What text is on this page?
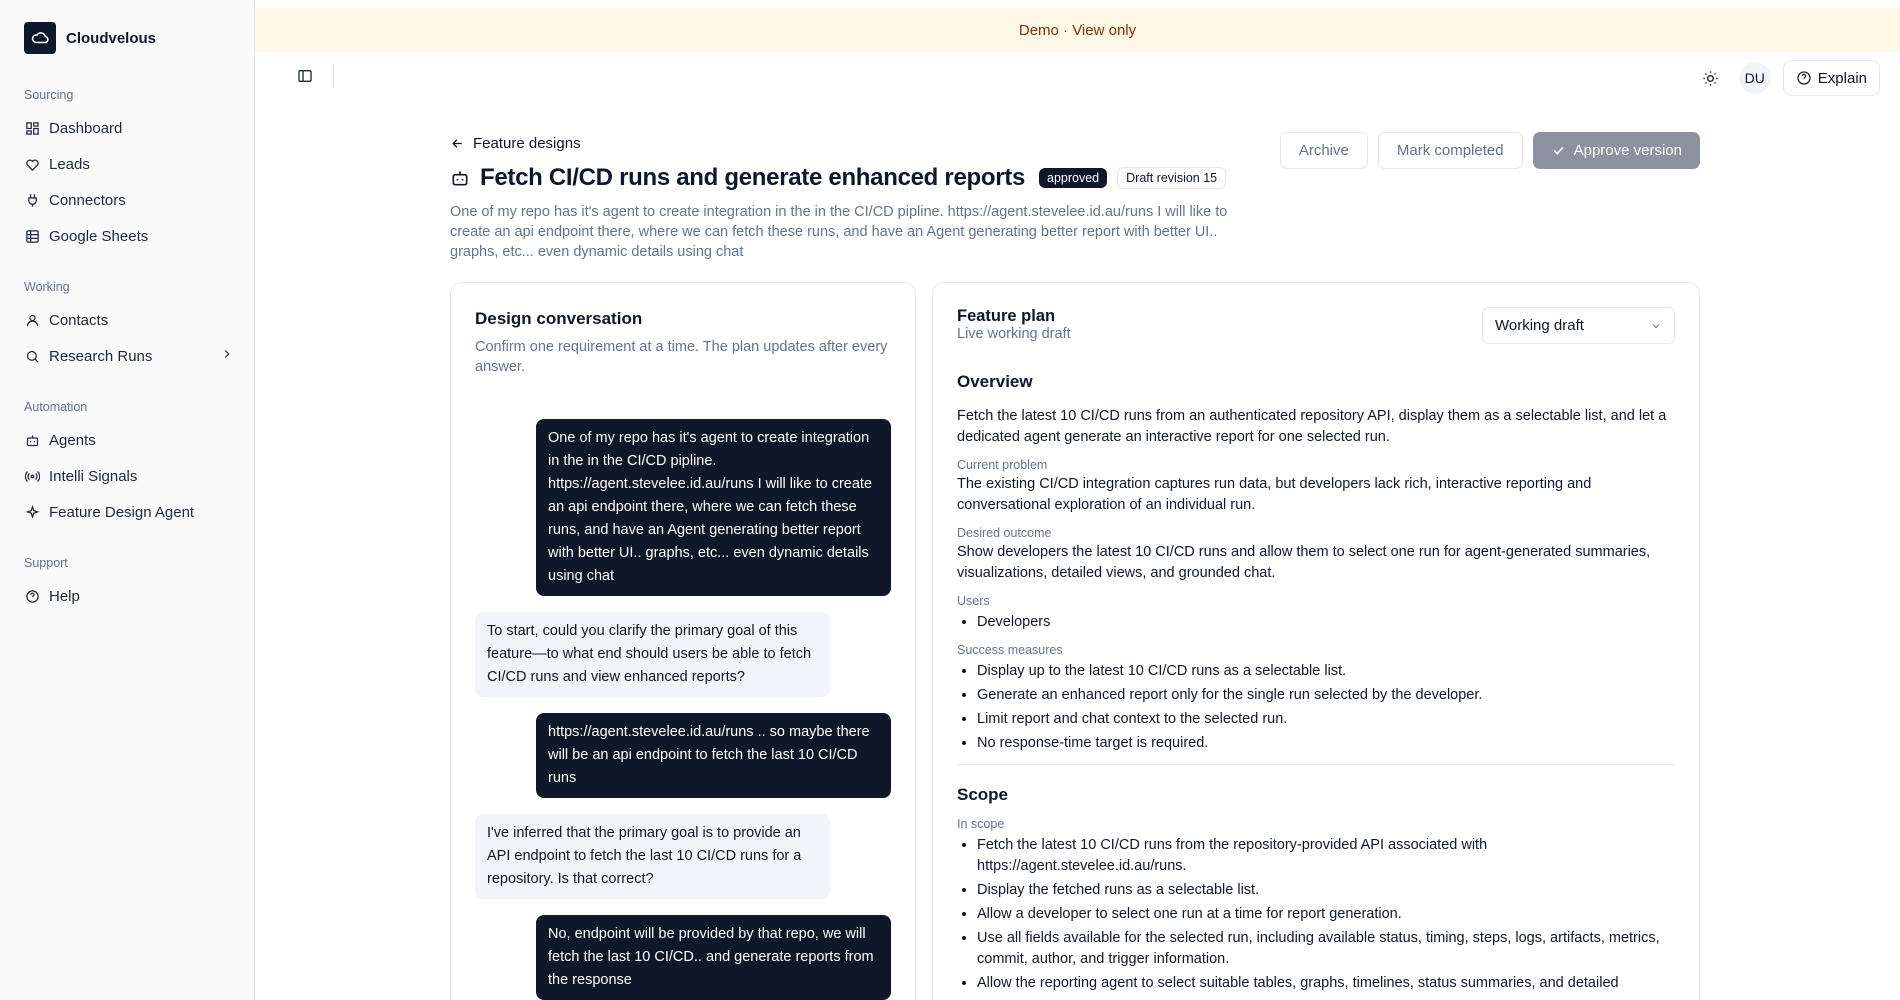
Cloudvelous
Sourcing
Dashboard
Leads
Connectors
Google Sheets
Working
Contacts
Research Runs
Automation
Agents
Intelli Signals
Feature Design Agent
Support
Help
Demo · View only
DU	Explain
Feature designs	Archive	Mark completed	Approve version
Fetch CI/CD runs and generate enhanced reports	approved	Draft revision 15

One of my repo has it's agent to create integration in the in the CI/CD pipline. https://agent.stevelee.id.au/runs I will like to create an api endpoint there, where we can fetch these runs, and have an Agent generating better report with better UI.. graphs, etc... even dynamic details using chat

Design conversation
Confirm one requirement at a time. The plan updates after every answer.
One of my repo has it's agent to create integration in the in the CI/CD pipline. https://agent.stevelee.id.au/runs I will like to create an api endpoint there, where we can fetch these runs, and have an Agent generating better report with better UI.. graphs, etc... even dynamic details using chat
To start, could you clarify the primary goal of this feature—to what end should users be able to fetch CI/CD runs and view enhanced reports?
https://agent.stevelee.id.au/runs .. so maybe there will be an api endpoint to fetch the last 10 CI/CD runs
I've inferred that the primary goal is to provide an API endpoint to fetch the last 10 CI/CD runs for a repository. Is that correct?
No, endpoint will be provided by that repo, we will fetch the last 10 CI/CD.. and generate reports from the response
Feature plan
Live working draft	Working draft
Overview
Fetch the latest 10 CI/CD runs from an authenticated repository API, display them as a selectable list, and let a dedicated agent generate an interactive report for one selected run.
Current problem
The existing CI/CD integration captures run data, but developers lack rich, interactive reporting and conversational exploration of an individual run.
Desired outcome
Show developers the latest 10 CI/CD runs and allow them to select one run for agent-generated summaries, visualizations, detailed views, and grounded chat.
Users
• Developers
Success measures
• Display up to the latest 10 CI/CD runs as a selectable list.
• Generate an enhanced report only for the single run selected by the developer.
• Limit report and chat context to the selected run.
• No response-time target is required.
Scope
In scope
• Fetch the latest 10 CI/CD runs from the repository-provided API associated with https://agent.stevelee.id.au/runs.
• Display the fetched runs as a selectable list.
• Allow a developer to select one run at a time for report generation.
• Use all fields available for the selected run, including available status, timing, steps, logs, artifacts, metrics, commit, author, and trigger information.
• Allow the reporting agent to select suitable tables, graphs, timelines, status summaries, and detailed
